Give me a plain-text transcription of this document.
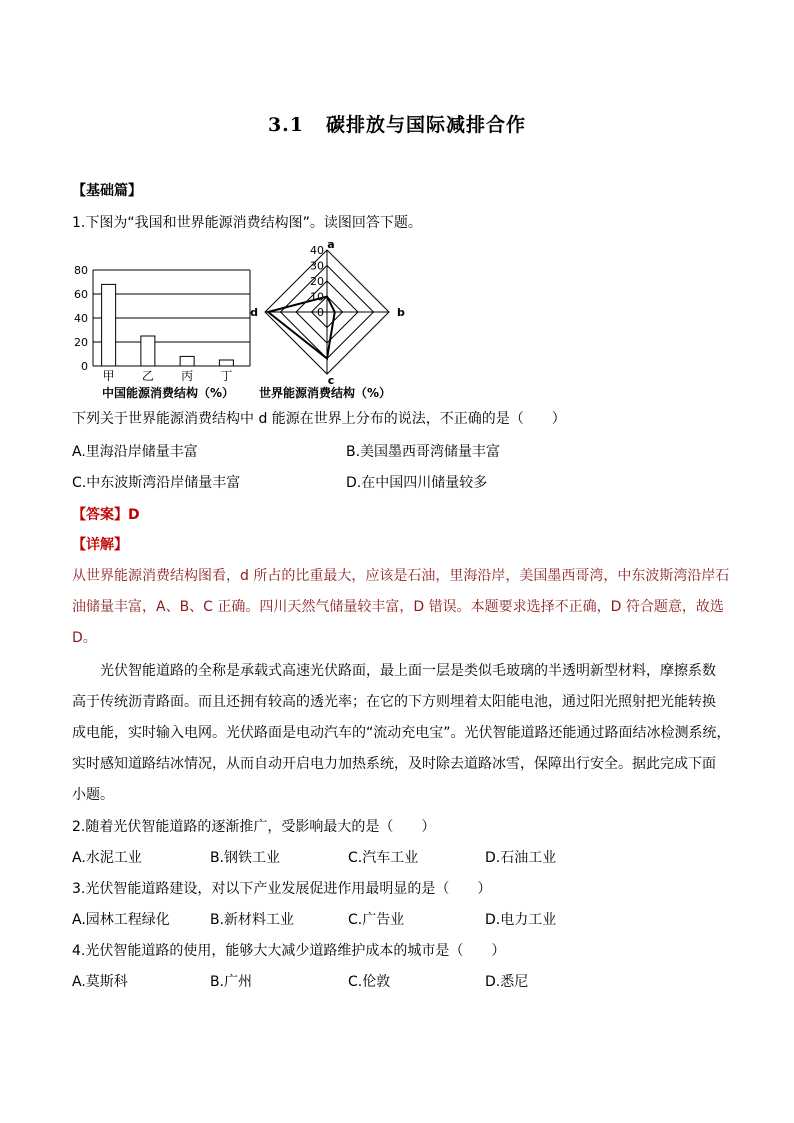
3.1 碳排放与国际减排合作
【基础篇】
1.下图为“我国和世界能源消费结构图”。读图回答下题。
0
20
40
60
80
甲 乙 丙 丁
中国能源消费结构（%）
0
10
20
30
40 a
b
c
d
世界能源消费结构（%）
下列关于世界能源消费结构中 d 能源在世界上分布的说法，不正确的是（　　）
A.里海沿岸储量丰富	B.美国墨西哥湾储量丰富
C.中东波斯湾沿岸储量丰富	D.在中国四川储量较多
【答案】D
【详解】
从世界能源消费结构图看，d 所占的比重最大，应该是石油，里海沿岸，美国墨西哥湾，中东波斯湾沿岸石
油储量丰富，A、B、C 正确。四川天然气储量较丰富，D 错误。本题要求选择不正确，D 符合题意，故选
D。
光伏智能道路的全称是承载式高速光伏路面，最上面一层是类似毛玻璃的半透明新型材料，摩擦系数
高于传统沥青路面。而且还拥有较高的透光率；在它的下方则埋着太阳能电池，通过阳光照射把光能转换
成电能，实时输入电网。光伏路面是电动汽车的“流动充电宝”。光伏智能道路还能通过路面结冰检测系统，
实时感知道路结冰情况，从而自动开启电力加热系统，及时除去道路冰雪，保障出行安全。据此完成下面
小题。
2.随着光伏智能道路的逐渐推广，受影响最大的是（　　）
A.水泥工业	B.钢铁工业	C.汽车工业	D.石油工业
3.光伏智能道路建设，对以下产业发展促进作用最明显的是（　　）
A.园林工程绿化	B.新材料工业	C.广告业	D.电力工业
4.光伏智能道路的使用，能够大大减少道路维护成本的城市是（　　）
A.莫斯科	B.广州	C.伦敦	D.悉尼
